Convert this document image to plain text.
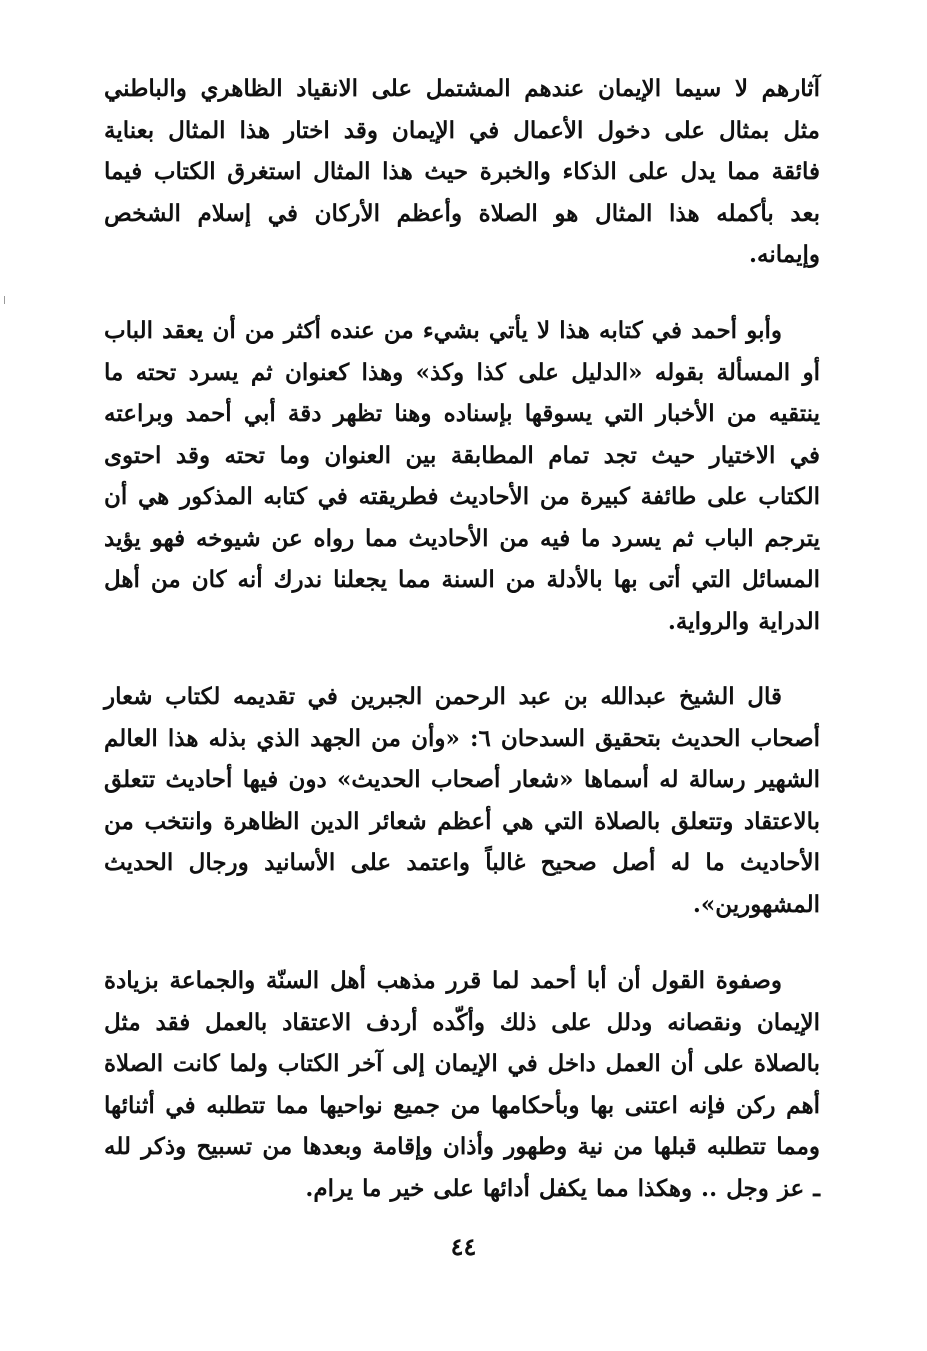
آثارهم لا سيما الإيمان عندهم المشتمل على الانقياد الظاهري والباطني مثل بمثال على دخول الأعمال في الإيمان وقد اختار هذا المثال بعناية فائقة مما يدل على الذكاء والخبرة حيث هذا المثال استغرق الكتاب فيما بعد بأكمله هذا المثال هو الصلاة وأعظم الأركان في إسلام الشخص وإيمانه.

وأبو أحمد في كتابه هذا لا يأتي بشيء من عنده أكثر من أن يعقد الباب أو المسألة بقوله «الدليل على كذا وكذ» وهذا كعنوان ثم يسرد تحته ما ينتقيه من الأخبار التي يسوقها بإسناده وهنا تظهر دقة أبي أحمد وبراعته في الاختيار حيث تجد تمام المطابقة بين العنوان وما تحته وقد احتوى الكتاب على طائفة كبيرة من الأحاديث فطريقته في كتابه المذكور هي أن يترجم الباب ثم يسرد ما فيه من الأحاديث مما رواه عن شيوخه فهو يؤيد المسائل التي أتى بها بالأدلة من السنة مما يجعلنا ندرك أنه كان من أهل الدراية والرواية.

قال الشيخ عبدالله بن عبد الرحمن الجبرين في تقديمه لكتاب شعار أصحاب الحديث بتحقيق السدحان ٦: «وأن من الجهد الذي بذله هذا العالم الشهير رسالة له أسماها «شعار أصحاب الحديث» دون فيها أحاديث تتعلق بالاعتقاد وتتعلق بالصلاة التي هي أعظم شعائر الدين الظاهرة وانتخب من الأحاديث ما له أصل صحيح غالباً واعتمد على الأسانيد ورجال الحديث المشهورين».

وصفوة القول أن أبا أحمد لما قرر مذهب أهل السنّة والجماعة بزيادة الإيمان ونقصانه ودلل على ذلك وأكّده أردف الاعتقاد بالعمل فقد مثل بالصلاة على أن العمل داخل في الإيمان إلى آخر الكتاب ولما كانت الصلاة أهم ركن فإنه اعتنى بها وبأحكامها من جميع نواحيها مما تتطلبه في أثنائها ومما تتطلبه قبلها من نية وطهور وأذان وإقامة وبعدها من تسبيح وذكر لله ـ عز وجل .. وهكذا مما يكفل أدائها على خير ما يرام.

٤٤
